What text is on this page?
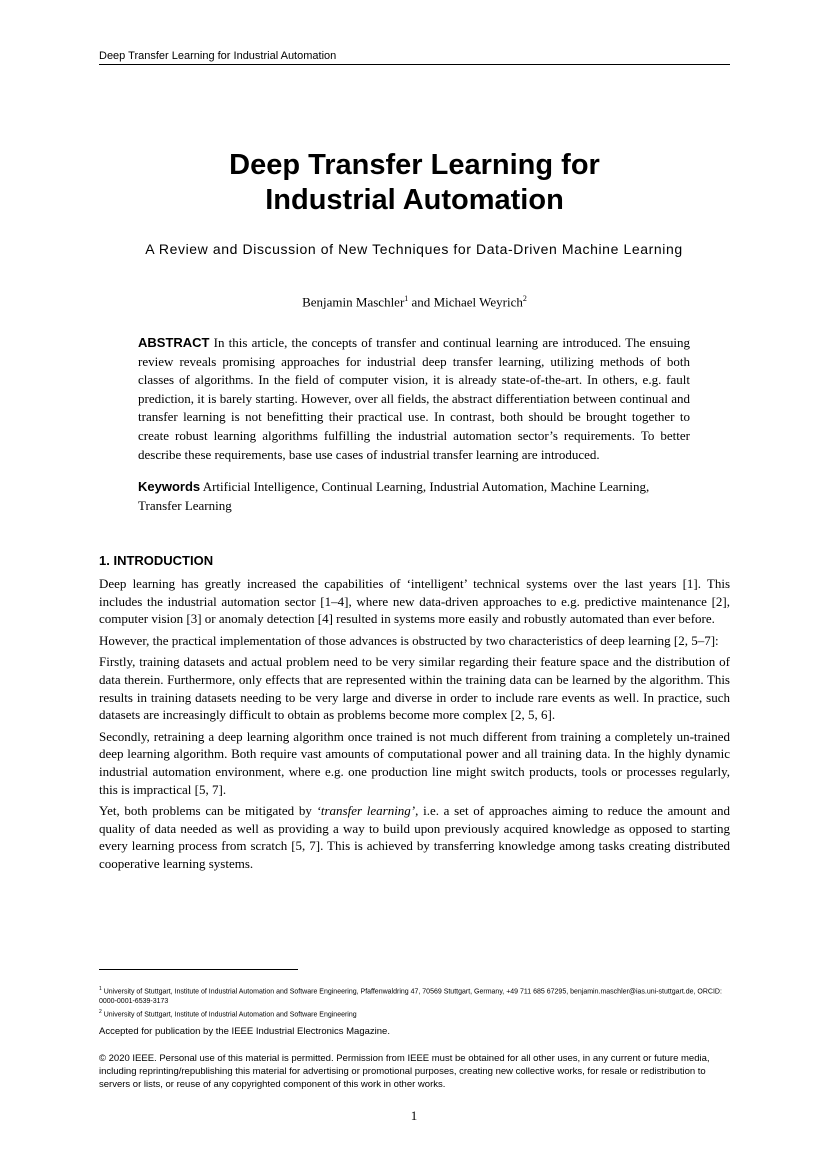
Deep Transfer Learning for Industrial Automation
Deep Transfer Learning for
Industrial Automation
A Review and Discussion of New Techniques for Data-Driven Machine Learning
Benjamin Maschler$^1$ and Michael Weyrich$^2$
ABSTRACT In this article, the concepts of transfer and continual learning are introduced. The ensuing review reveals promising approaches for industrial deep transfer learning, utilizing methods of both classes of algorithms. In the field of computer vision, it is already state-of-the-art. In others, e.g. fault prediction, it is barely starting. However, over all fields, the abstract differentiation between continual and transfer learning is not benefitting their practical use. In contrast, both should be brought together to create robust learning algorithms fulfilling the industrial automation sector’s requirements. To better describe these requirements, base use cases of industrial transfer learning are introduced.
Keywords Artificial Intelligence, Continual Learning, Industrial Automation, Machine Learning, Transfer Learning
1. INTRODUCTION

Deep learning has greatly increased the capabilities of ‘intelligent’ technical systems over the last years [1]. This includes the industrial automation sector [1–4], where new data-driven approaches to e.g. predictive maintenance [2], computer vision [3] or anomaly detection [4] resulted in systems more easily and robustly automated than ever before.

However, the practical implementation of those advances is obstructed by two characteristics of deep learning [2, 5–7]:

Firstly, training datasets and actual problem need to be very similar regarding their feature space and the distribution of data therein. Furthermore, only effects that are represented within the training data can be learned by the algorithm. This results in training datasets needing to be very large and diverse in order to include rare events as well. In practice, such datasets are increasingly difficult to obtain as problems become more complex [2, 5, 6].

Secondly, retraining a deep learning algorithm once trained is not much different from training a completely un-trained deep learning algorithm. Both require vast amounts of computational power and all training data. In the highly dynamic industrial automation environment, where e.g. one production line might switch products, tools or processes regularly, this is impractical [5, 7].

Yet, both problems can be mitigated by ‘transfer learning’, i.e. a set of approaches aiming to reduce the amount and quality of data needed as well as providing a way to build upon previously acquired knowledge as opposed to starting every learning process from scratch [5, 7]. This is achieved by transferring knowledge among tasks creating distributed cooperative learning systems.

$^1$ University of Stuttgart, Institute of Industrial Automation and Software Engineering, Pfaffenwaldring 47, 70569 Stuttgart, Germany, +49 711 685 67295, benjamin.maschler@ias.uni-stuttgart.de, ORCID: 0000-0001-6539-3173
$^2$ University of Stuttgart, Institute of Industrial Automation and Software Engineering
Accepted for publication by the IEEE Industrial Electronics Magazine.
© 2020 IEEE. Personal use of this material is permitted. Permission from IEEE must be obtained for all other uses, in any current or future media, including reprinting/republishing this material for advertising or promotional purposes, creating new collective works, for resale or redistribution to servers or lists, or reuse of any copyrighted component of this work in other works.
1
